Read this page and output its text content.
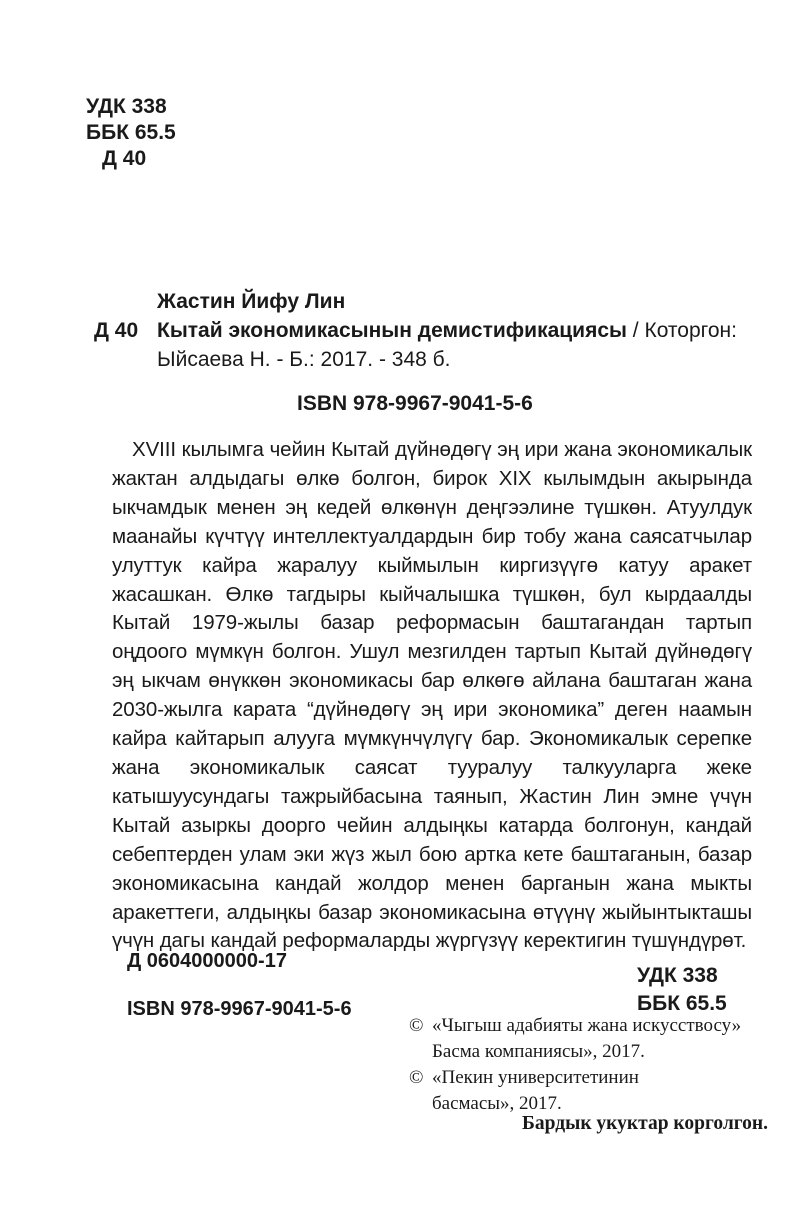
УДК 338
ББК 65.5
Д 40
Жастин Йифу Лин
Д 40 Кытай экономикасынын демистификациясы / Которгон:
Ыйсаева Н. - Б.: 2017. - 348 б.
ISBN 978-9967-9041-5-6
XVIII кылымга чейин Кытай дүйнөдөгү эң ири жана экономикалык жактан алдыдагы өлкө болгон, бирок XIX кылымдын акырында ыкчамдык менен эң кедей өлкөнүн деңгээлине түшкөн. Атуулдук маанайы күчтүү интеллектуалдардын бир тобу жана саясатчылар улуттук кайра жаралуу кыймылын киргизүүгө катуу аракет жасашкан. Өлкө тагдыры кыйчалышка түшкөн, бул кырдаалды Кытай 1979-жылы базар реформасын баштагандан тартып оңдоого мүмкүн болгон. Ушул мезгилден тартып Кытай дүйнөдөгү эң ыкчам өнүккөн экономикасы бар өлкөгө айлана баштаган жана 2030-жылга карата “дүйнөдөгү эң ири экономика” деген наамын кайра кайтарып алууга мүмкүнчүлүгү бар. Экономикалык серепке жана экономикалык саясат тууралуу талкууларга жеке катышуусундагы тажрыйбасына таянып, Жастин Лин эмне үчүн Кытай азыркы доорго чейин алдыңкы катарда болгонун, кандай себептерден улам эки жүз жыл бою артка кете баштаганын, базар экономикасына кандай жолдор менен барганын жана мыкты аракеттеги, алдыңкы базар экономикасына өтүүнү жыйынтыкташы үчүн дагы кандай реформаларды жүргүзүү керектигин түшүндүрөт.
Д 0604000000-17
ISBN 978-9967-9041-5-6
УДК 338
ББК 65.5
© «Чыгыш адабияты жана искусствосу»
Басма компаниясы», 2017.
© «Пекин университетинин
басмасы», 2017.
Бардык укуктар корголгон.
